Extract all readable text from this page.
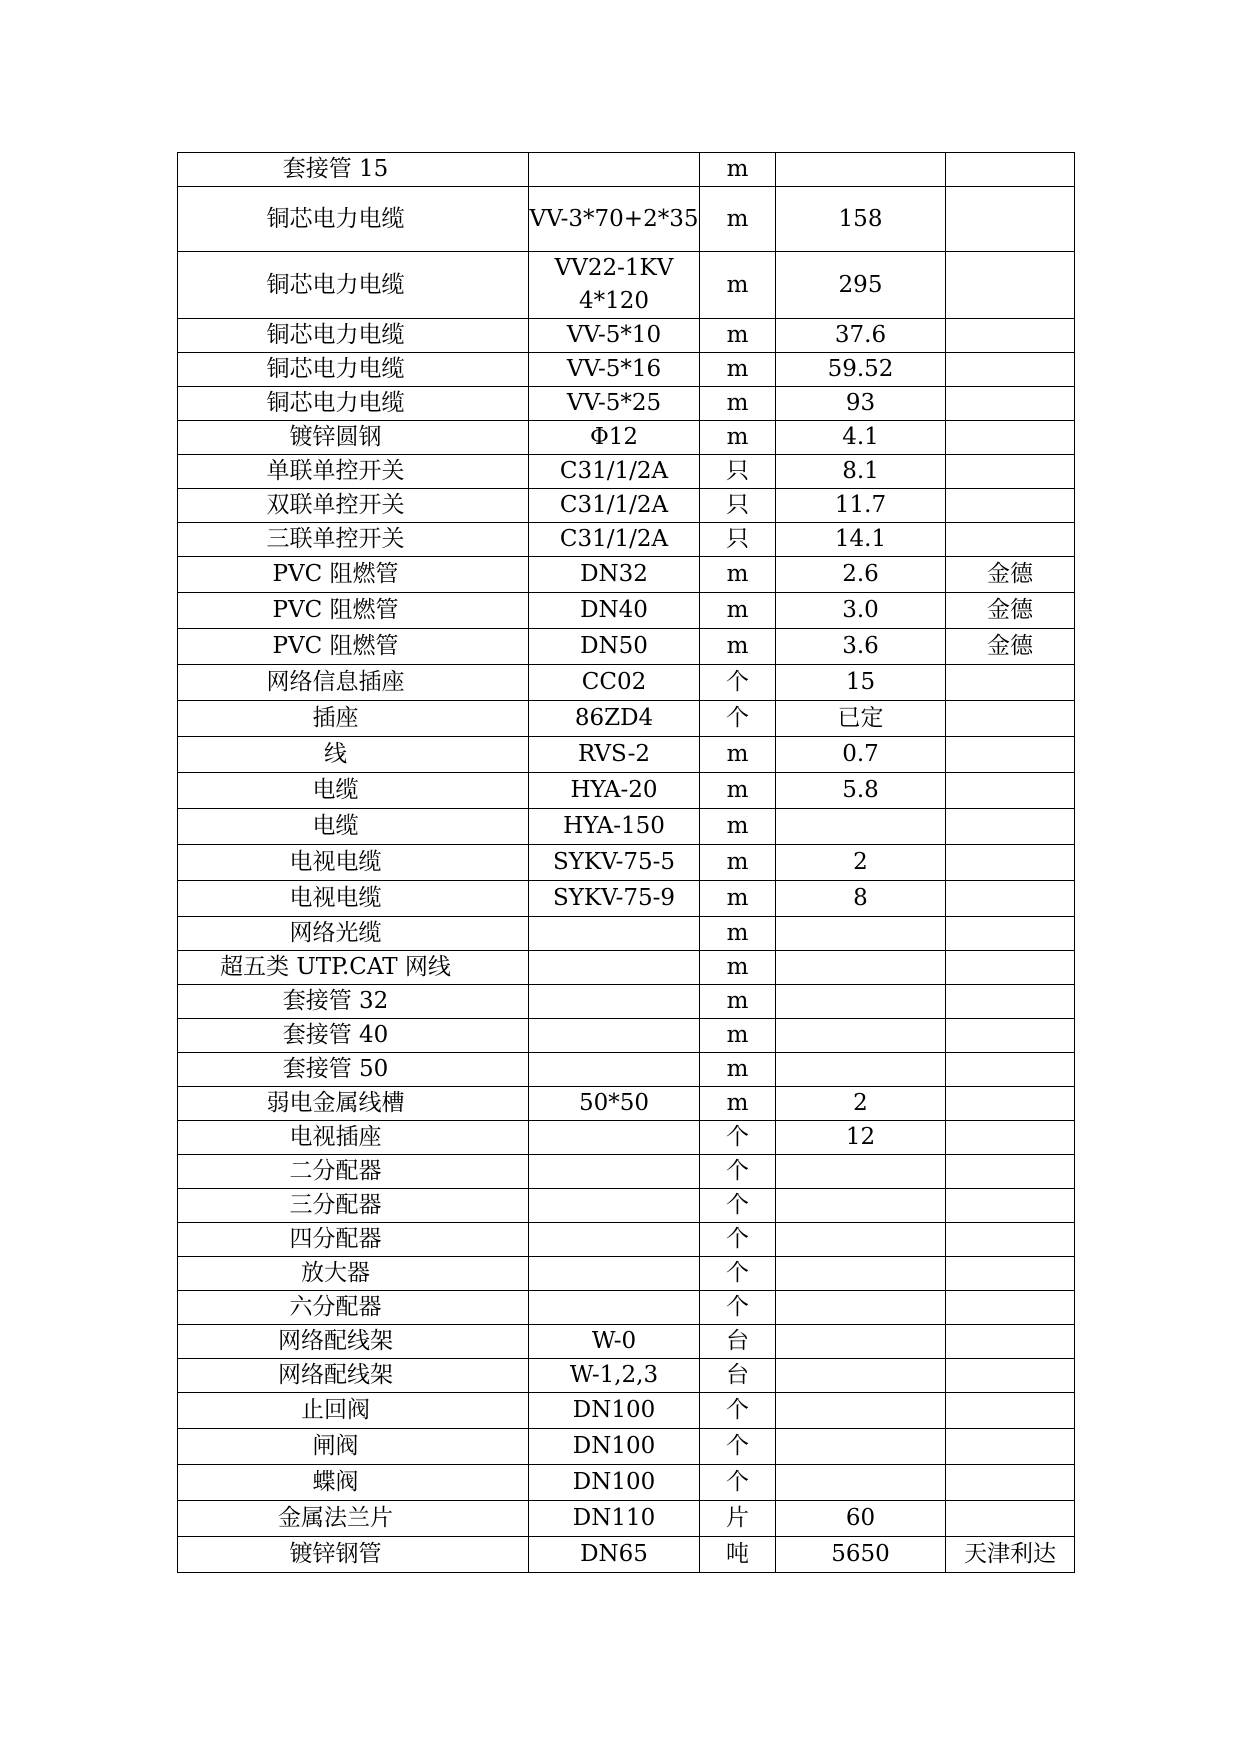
套接管 15		m		
铜芯电力电缆	VV-3*70+2*35	m	158	
铜芯电力电缆	VV22-1KV 4*120	m	295	
铜芯电力电缆	VV-5*10	m	37.6	
铜芯电力电缆	VV-5*16	m	59.52	
铜芯电力电缆	VV-5*25	m	93	
镀锌圆钢	Φ12	m	4.1	
单联单控开关	C31/1/2A	只	8.1	
双联单控开关	C31/1/2A	只	11.7	
三联单控开关	C31/1/2A	只	14.1	
PVC 阻燃管	DN32	m	2.6	金德
PVC 阻燃管	DN40	m	3.0	金德
PVC 阻燃管	DN50	m	3.6	金德
网络信息插座	CC02	个	15	
插座	86ZD4	个	已定	
线	RVS-2	m	0.7	
电缆	HYA-20	m	5.8	
电缆	HYA-150	m		
电视电缆	SYKV-75-5	m	2	
电视电缆	SYKV-75-9	m	8	
网络光缆		m		
超五类 UTP.CAT 网线		m		
套接管 32		m		
套接管 40		m		
套接管 50		m		
弱电金属线槽	50*50	m	2	
电视插座		个	12	
二分配器		个		
三分配器		个		
四分配器		个		
放大器		个		
六分配器		个		
网络配线架	W-0	台		
网络配线架	W-1,2,3	台		
止回阀	DN100	个		
闸阀	DN100	个		
蝶阀	DN100	个		
金属法兰片	DN110	片	60	
镀锌钢管	DN65	吨	5650	天津利达
